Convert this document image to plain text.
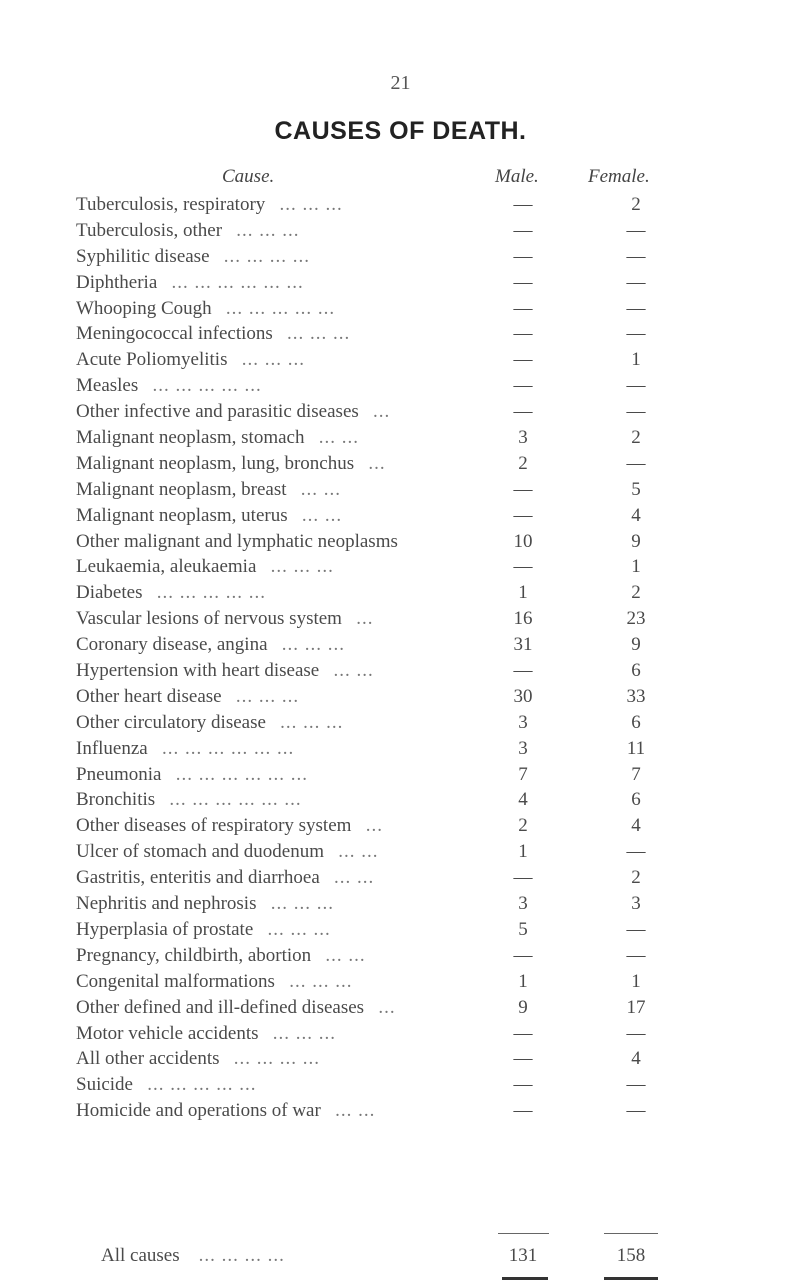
21
CAUSES OF DEATH.
Cause.	Male.	Female.
Tuberculosis, respiratory ... ... ...	—	2
Tuberculosis, other ... ... ...	—	—
Syphilitic disease ... ... ... ...	—	—
Diphtheria ... ... ... ... ... ...	—	—
Whooping Cough ... ... ... ... ...	—	—
Meningococcal infections ... ... ...	—	—
Acute Poliomyelitis ... ... ...	—	1
Measles ... ... ... ... ...	—	—
Other infective and parasitic diseases ...	—	—
Malignant neoplasm, stomach ... ...	3	2
Malignant neoplasm, lung, bronchus ...	2	—
Malignant neoplasm, breast ... ...	—	5
Malignant neoplasm, uterus ... ...	—	4
Other malignant and lymphatic neoplasms	10	9
Leukaemia, aleukaemia ... ... ...	—	1
Diabetes ... ... ... ... ...	1	2
Vascular lesions of nervous system ...	16	23
Coronary disease, angina ... ... ...	31	9
Hypertension with heart disease ... ...	—	6
Other heart disease ... ... ...	30	33
Other circulatory disease ... ... ...	3	6
Influenza ... ... ... ... ... ...	3	11
Pneumonia ... ... ... ... ... ...	7	7
Bronchitis ... ... ... ... ... ...	4	6
Other diseases of respiratory system ...	2	4
Ulcer of stomach and duodenum ... ...	1	—
Gastritis, enteritis and diarrhoea ... ...	—	2
Nephritis and nephrosis ... ... ...	3	3
Hyperplasia of prostate ... ... ...	5	—
Pregnancy, childbirth, abortion ... ...	—	—
Congenital malformations ... ... ...	1	1
Other defined and ill-defined diseases ...	9	17
Motor vehicle accidents ... ... ...	—	—
All other accidents ... ... ... ...	—	4
Suicide ... ... ... ... ...	—	—
Homicide and operations of war ... ...	—	—
All causes ... ... ... ...	131	158
